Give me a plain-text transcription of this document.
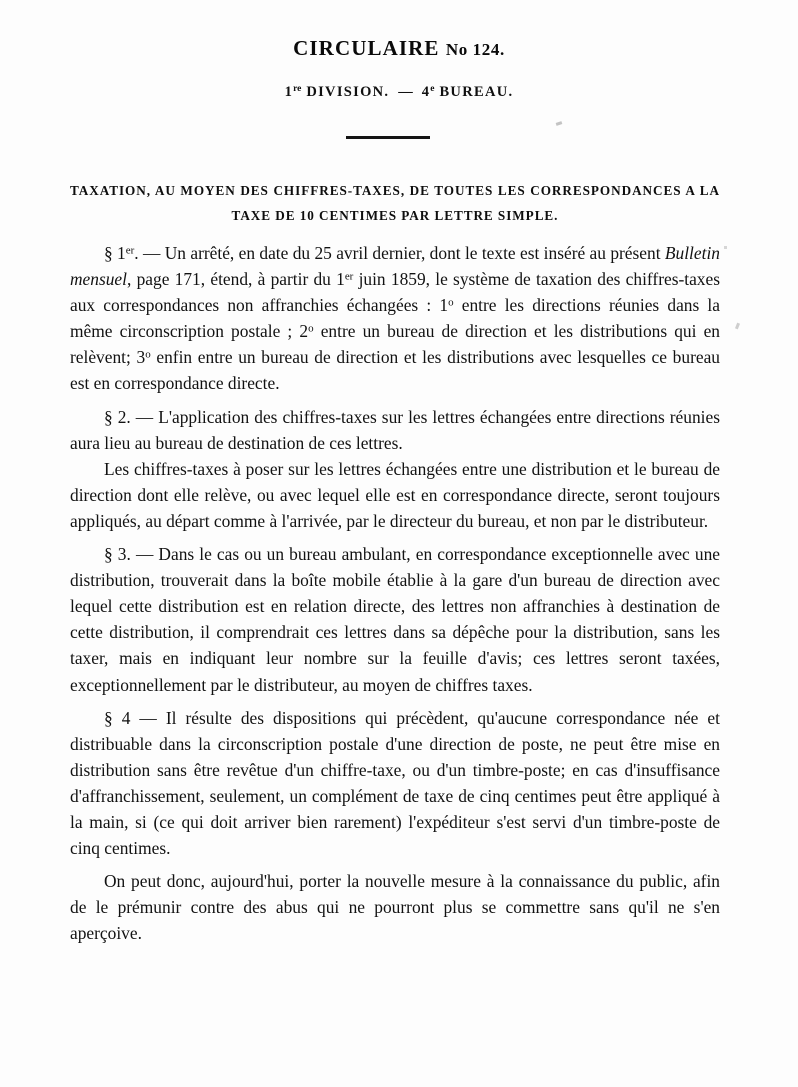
CIRCULAIRE No 124.
1re DIVISION. — 4e BUREAU.
TAXATION, AU MOYEN DES CHIFFRES-TAXES, DE TOUTES LES CORRESPONDANCES A LA
TAXE DE 10 CENTIMES PAR LETTRE SIMPLE.

§ 1er. — Un arrêté, en date du 25 avril dernier, dont le texte est inséré au présent Bulletin mensuel, page 171, étend, à partir du 1er juin 1859, le système de taxation des chiffres-taxes aux correspondances non affranchies échangées : 1$^o$ entre les directions réunies dans la même circonscription postale ; 2$^o$ entre un bureau de direction et les distributions qui en relèvent; 3$^o$ enfin entre un bureau de direction et les distributions avec lesquelles ce bureau est en correspondance directe.

§ 2. — L'application des chiffres-taxes sur les lettres échangées entre directions réunies aura lieu au bureau de destination de ces lettres.

Les chiffres-taxes à poser sur les lettres échangées entre une distribution et le bureau de direction dont elle relève, ou avec lequel elle est en correspondance directe, seront toujours appliqués, au départ comme à l'arrivée, par le directeur du bureau, et non par le distributeur.

§ 3. — Dans le cas ou un bureau ambulant, en correspondance exceptionnelle avec une distribution, trouverait dans la boîte mobile établie à la gare d'un bureau de direction avec lequel cette distribution est en relation directe, des lettres non affranchies à destination de cette distribution, il comprendrait ces lettres dans sa dépêche pour la distribution, sans les taxer, mais en indiquant leur nombre sur la feuille d'avis; ces lettres seront taxées, exceptionnellement par le distributeur, au moyen de chiffres taxes.

§ 4 — Il résulte des dispositions qui précèdent, qu'aucune correspondance née et distribuable dans la circonscription postale d'une direction de poste, ne peut être mise en distribution sans être revêtue d'un chiffre-taxe, ou d'un timbre-poste; en cas d'insuffisance d'affranchissement, seulement, un complément de taxe de cinq centimes peut être appliqué à la main, si (ce qui doit arriver bien rarement) l'expéditeur s'est servi d'un timbre-poste de cinq centimes.

On peut donc, aujourd'hui, porter la nouvelle mesure à la connaissance du public, afin de le prémunir contre des abus qui ne pourront plus se commettre sans qu'il ne s'en aperçoive.
